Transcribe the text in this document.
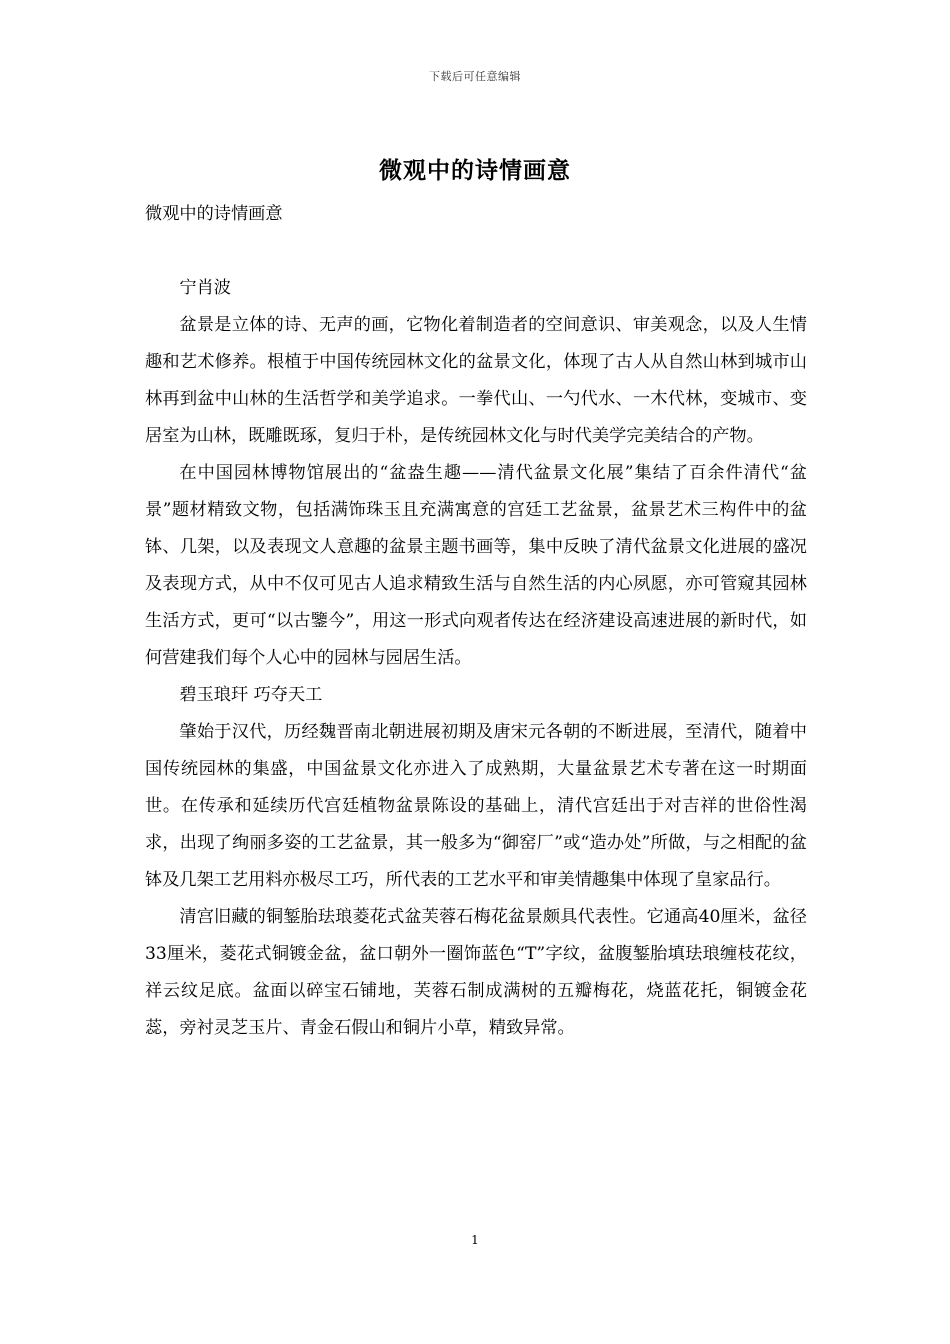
下载后可任意编辑
微观中的诗情画意

微观中的诗情画意

宁肖波

盆景是立体的诗、无声的画，它物化着制造者的空间意识、审美观念，以及人生情趣和艺术修养。根植于中国传统园林文化的盆景文化，体现了古人从自然山林到城市山林再到盆中山林的生活哲学和美学追求。一拳代山、一勺代水、一木代林，变城市、变居室为山林，既雕既琢，复归于朴，是传统园林文化与时代美学完美结合的产物。

在中国园林博物馆展出的“盆盎生趣——清代盆景文化展”集结了百余件清代“盆景”题材精致文物，包括满饰珠玉且充满寓意的宫廷工艺盆景，盆景艺术三构件中的盆钵、几架，以及表现文人意趣的盆景主题书画等，集中反映了清代盆景文化进展的盛况及表现方式，从中不仅可见古人追求精致生活与自然生活的内心夙愿，亦可管窥其园林生活方式，更可“以古鑒今”，用这一形式向观者传达在经济建设高速进展的新时代，如何营建我们每个人心中的园林与园居生活。

碧玉琅玕 巧夺天工

肇始于汉代，历经魏晋南北朝进展初期及唐宋元各朝的不断进展，至清代，随着中国传统园林的集盛，中国盆景文化亦进入了成熟期，大量盆景艺术专著在这一时期面世。在传承和延续历代宫廷植物盆景陈设的基础上，清代宫廷出于对吉祥的世俗性渴求，出现了绚丽多姿的工艺盆景，其一般多为“御窑厂”或“造办处”所做，与之相配的盆钵及几架工艺用料亦极尽工巧，所代表的工艺水平和审美情趣集中体现了皇家品行。

清宫旧藏的铜錾胎珐琅菱花式盆芙蓉石梅花盆景颇具代表性。它通高40厘米，盆径33厘米，菱花式铜镀金盆，盆口朝外一圈饰蓝色“T”字纹，盆腹錾胎填珐琅缠枝花纹，祥云纹足底。盆面以碎宝石铺地，芙蓉石制成满树的五瓣梅花，烧蓝花托，铜镀金花蕊，旁衬灵芝玉片、青金石假山和铜片小草，精致异常。

1
